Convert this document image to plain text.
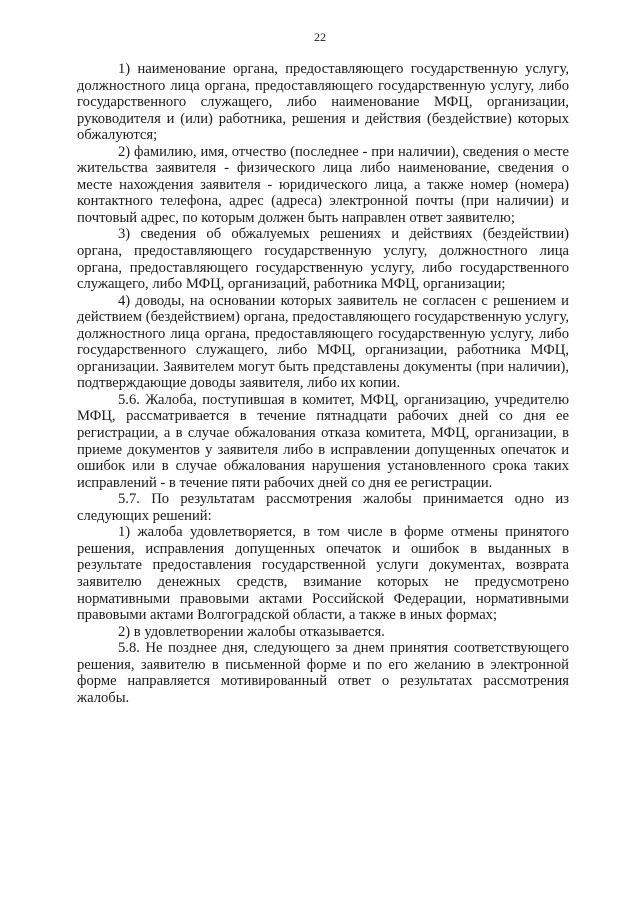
22

1) наименование органа, предоставляющего государственную услугу, должностного лица органа, предоставляющего государственную услугу, либо государственного служащего, либо наименование МФЦ, организации, руководителя и (или) работника, решения и действия (бездействие) которых обжалуются;

2) фамилию, имя, отчество (последнее - при наличии), сведения о месте жительства заявителя - физического лица либо наименование, сведения о месте нахождения заявителя - юридического лица, а также номер (номера) контактного телефона, адрес (адреса) электронной почты (при наличии) и почтовый адрес, по которым должен быть направлен ответ заявителю;

3) сведения об обжалуемых решениях и действиях (бездействии) органа, предоставляющего государственную услугу, должностного лица органа, предоставляющего государственную услугу, либо государственного служащего, либо МФЦ, организаций, работника МФЦ, организации;

4) доводы, на основании которых заявитель не согласен с решением и действием (бездействием) органа, предоставляющего государственную услугу, должностного лица органа, предоставляющего государственную услугу, либо государственного служащего, либо МФЦ, организации, работника МФЦ, организации. Заявителем могут быть представлены документы (при наличии), подтверждающие доводы заявителя, либо их копии.

5.6. Жалоба, поступившая в комитет, МФЦ, организацию, учредителю МФЦ, рассматривается в течение пятнадцати рабочих дней со дня ее регистрации, а в случае обжалования отказа комитета, МФЦ, организации, в приеме документов у заявителя либо в исправлении допущенных опечаток и ошибок или в случае обжалования нарушения установленного срока таких исправлений - в течение пяти рабочих дней со дня ее регистрации.

5.7. По результатам рассмотрения жалобы принимается одно из следующих решений:

1) жалоба удовлетворяется, в том числе в форме отмены принятого решения, исправления допущенных опечаток и ошибок в выданных в результате предоставления государственной услуги документах, возврата заявителю денежных средств, взимание которых не предусмотрено нормативными правовыми актами Российской Федерации, нормативными правовыми актами Волгоградской области, а также в иных формах;

2) в удовлетворении жалобы отказывается.

5.8. Не позднее дня, следующего за днем принятия соответствующего решения, заявителю в письменной форме и по его желанию в электронной форме направляется мотивированный ответ о результатах рассмотрения жалобы.
